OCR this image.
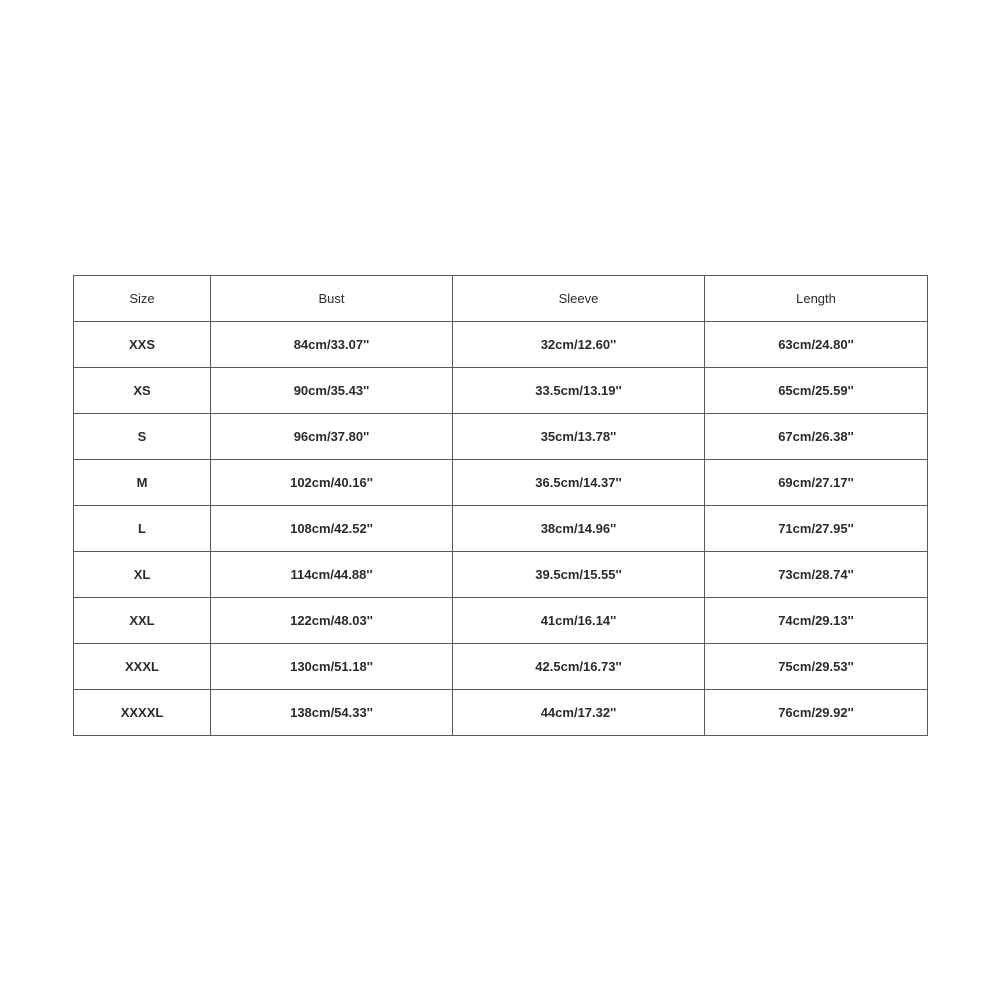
Size	Bust	Sleeve	Length
XXS	84cm/33.07''	32cm/12.60''	63cm/24.80''
XS	90cm/35.43''	33.5cm/13.19''	65cm/25.59''
S	96cm/37.80''	35cm/13.78''	67cm/26.38''
M	102cm/40.16''	36.5cm/14.37''	69cm/27.17''
L	108cm/42.52''	38cm/14.96''	71cm/27.95''
XL	114cm/44.88''	39.5cm/15.55''	73cm/28.74''
XXL	122cm/48.03''	41cm/16.14''	74cm/29.13''
XXXL	130cm/51.18''	42.5cm/16.73''	75cm/29.53''
XXXXL	138cm/54.33''	44cm/17.32''	76cm/29.92''
